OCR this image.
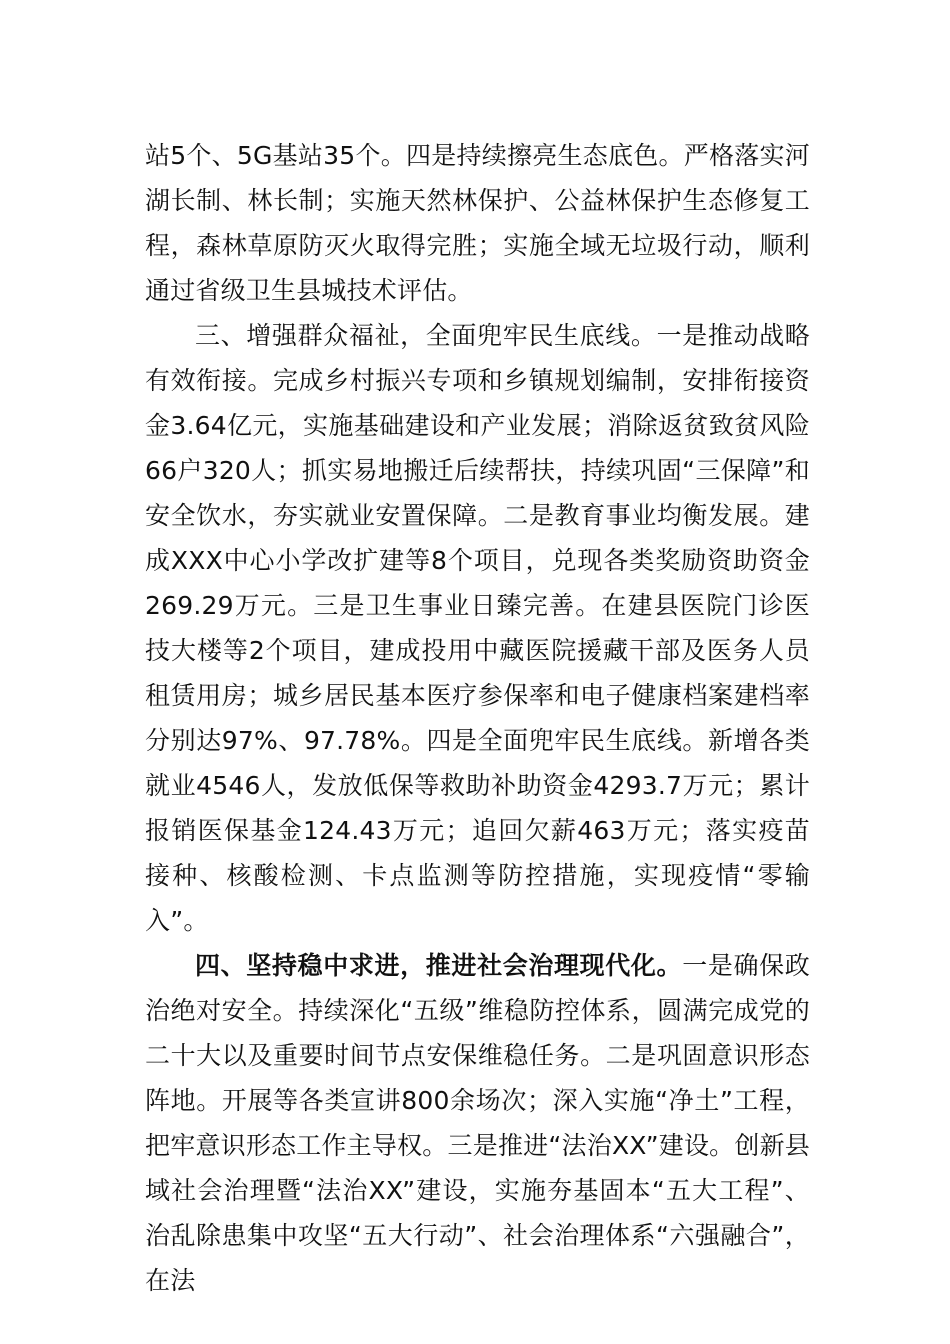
站5个、5G基站35个。四是持续擦亮生态底色。严格落实河湖长制、林长制；实施天然林保护、公益林保护生态修复工程，森林草原防灭火取得完胜；实施全域无垃圾行动，顺利通过省级卫生县城技术评估。

三、增强群众福祉，全面兜牢民生底线。一是推动战略有效衔接。完成乡村振兴专项和乡镇规划编制，安排衔接资金3.64亿元，实施基础建设和产业发展；消除返贫致贫风险66户320人；抓实易地搬迁后续帮扶，持续巩固“三保障”和安全饮水，夯实就业安置保障。二是教育事业均衡发展。建成XXX中心小学改扩建等8个项目，兑现各类奖励资助资金269.29万元。三是卫生事业日臻完善。在建县医院门诊医技大楼等2个项目，建成投用中藏医院援藏干部及医务人员租赁用房；城乡居民基本医疗参保率和电子健康档案建档率分别达97%、97.78%。四是全面兜牢民生底线。新增各类就业4546人，发放低保等救助补助资金4293.7万元；累计报销医保基金124.43万元；追回欠薪463万元；落实疫苗接种、核酸检测、卡点监测等防控措施，实现疫情“零输入”。

四、坚持稳中求进，推进社会治理现代化。一是确保政治绝对安全。持续深化“五级”维稳防控体系，圆满完成党的二十大以及重要时间节点安保维稳任务。二是巩固意识形态阵地。开展等各类宣讲800余场次；深入实施“净土”工程，把牢意识形态工作主导权。三是推进“法治XX”建设。创新县域社会治理暨“法治XX”建设，实施夯基固本“五大工程”、治乱除患集中攻坚“五大行动”、社会治理体系“六强融合”，在法
